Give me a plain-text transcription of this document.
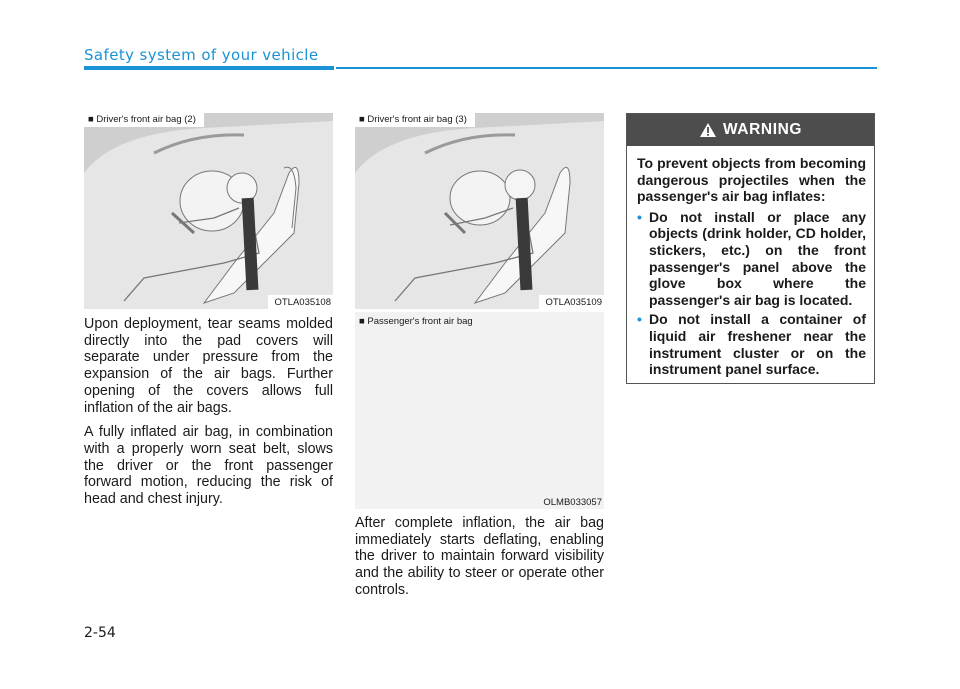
Safety system of your vehicle
■ Driver's front air bag (2)
OTLA035108
■ Driver's front air bag (3)
OTLA035109
■ Passenger's front air bag
OLMB033057

Upon deployment, tear seams molded directly into the pad covers will separate under pressure from the expansion of the air bags. Further opening of the covers allows full inflation of the air bags.

A fully inflated air bag, in combination with a properly worn seat belt, slows the driver or the front passenger forward motion, reducing the risk of head and chest injury.

After complete inflation, the air bag immediately starts deflating, enabling the driver to maintain forward visibility and the ability to steer or operate other controls.

WARNING

To prevent objects from becoming dangerous projectiles when the passenger's air bag inflates:

• Do not install or place any objects (drink holder, CD holder, stickers, etc.) on the front passenger's panel above the glove box where the passenger's air bag is located.
• Do not install a container of liquid air freshener near the instrument cluster or on the instrument panel surface.
2-54
